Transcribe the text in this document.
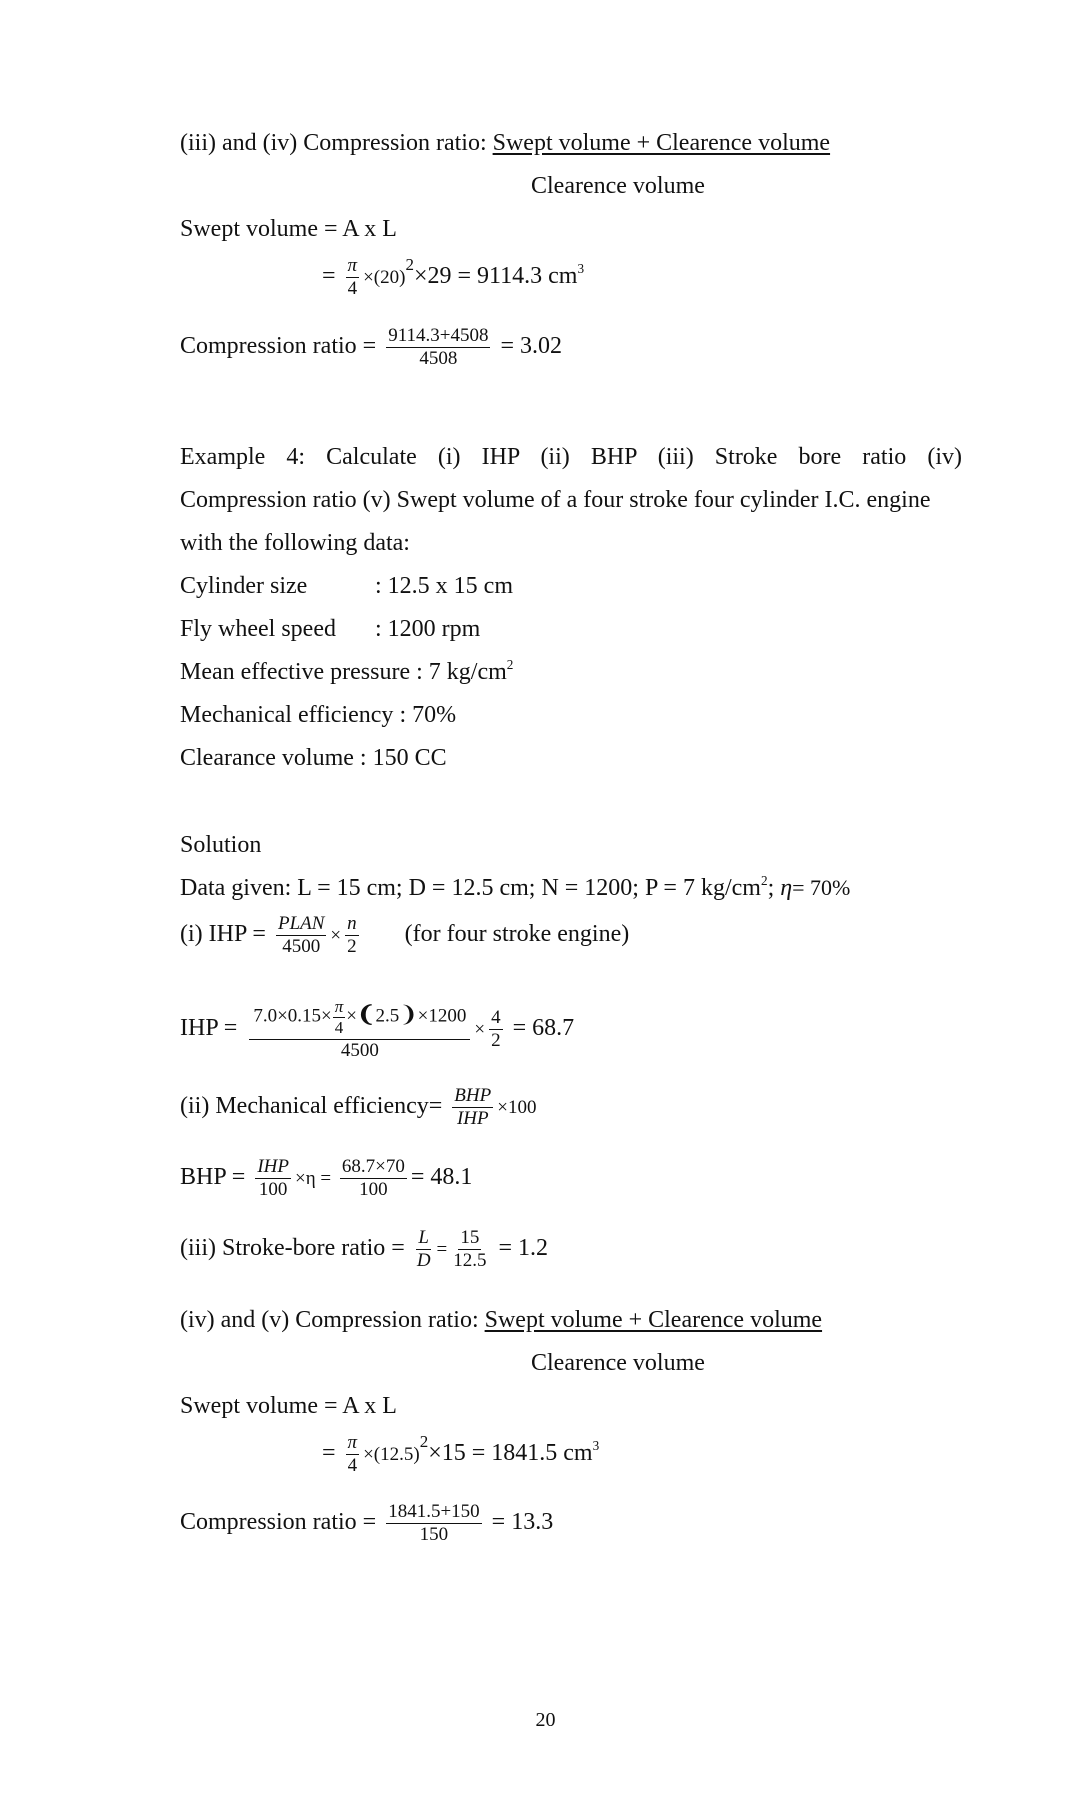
(iii) and (iv) Compression ratio: Swept volume + Clearence volume
Clearence volume
Swept volume = A x L
= $\frac{\pi}{4} \times(20)^2\times 29 = 9114.3$ $cm^3$
Compression ratio = $\frac{9114.3+4508}{4508} = 3.02$
Example 4: Calculate (i) IHP (ii) BHP (iii) Stroke bore ratio (iv)
Compression ratio (v) Swept volume of a four stroke four cylinder I.C. engine
with the following data:
Cylinder size	: 12.5 x 15 cm
Fly wheel speed : 1200 rpm
Mean effective pressure : 7 $kg/cm^2$
Mechanical efficiency : 70%
Clearance volume : 150 CC
Solution
Data given: L = 15 cm; D = 12.5 cm; N = 1200; P = 7 $kg/cm^2$; η= 70%
(i) IHP = $\frac{\text{PLAN}}{4500} \times \frac{n}{2} (for$ four stroke engine)
IHP = $\frac{7.0\times 0.15\times \frac{\pi}{4} \times❨2.5❩\times 1200}{4500} \times \frac{4}{2} = 68.7$
(ii) Mechanical efficiency= $\frac{\text{BHP}}{\text{IHP}} \times 100$
BHP = $\frac{\text{IHP}}{100} \times\eta = \frac{68.7\times 70}{100} = 48.1$
(iii) Stroke-bore ratio = $\frac{L}{D} = \frac{15}{12.5} = 1.2$
(iv) and (v) Compression ratio: Swept volume + Clearence volume
Clearence volume
Swept volume = A x L
= $\frac{\pi}{4} \times(12.5)^2\times 15 = 1841.5$ $cm^3$
Compression ratio = $\frac{1841.5+150}{150} = 13.3$
20
